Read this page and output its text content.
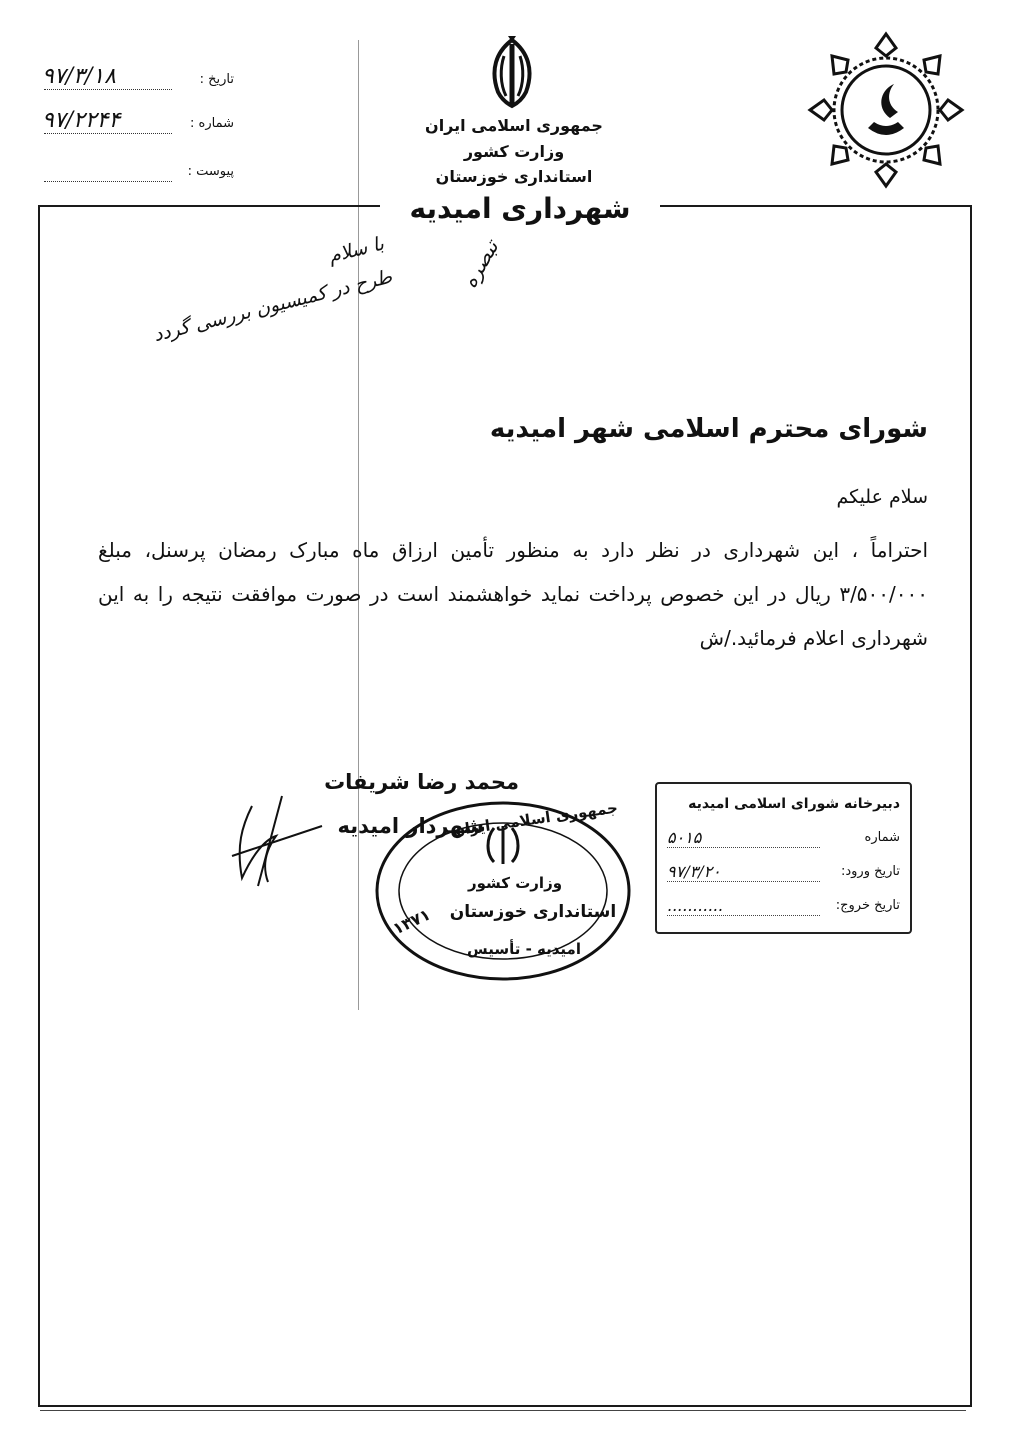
۹۷/۳/۱۸	تاریخ :
۹۷/۲۲۴۴	شماره :
پیوست :
جمهوری اسلامی ایران
وزارت کشور
استانداری خوزستان
شهرداری امیدیه
تبصره
با سلام
طرح در کمیسیون بررسی گردد
شورای محترم اسلامی شهر امیدیه
سلام علیکم
احتراماً ، این شهرداری در نظر دارد به منظور تأمین ارزاق ماه مبارک رمضان پرسنل، مبلغ ۳/۵۰۰/۰۰۰ ریال در این خصوص پرداخت نماید خواهشمند است در صورت موافقت نتیجه را به این شهرداری اعلام فرمائید./ش
جمهوری اسلامی ایران
وزارت کشور
استانداری خوزستان
۱۳۷۱
امیدیه - تأسیس
محمد رضا شریفات
شهردار امیدیه
دبیرخانه شورای اسلامی امیدیه
شماره
۵۰۱۵
تاریخ ورود:
۹۷/۳/۲۰
تاریخ خروج:
...........
